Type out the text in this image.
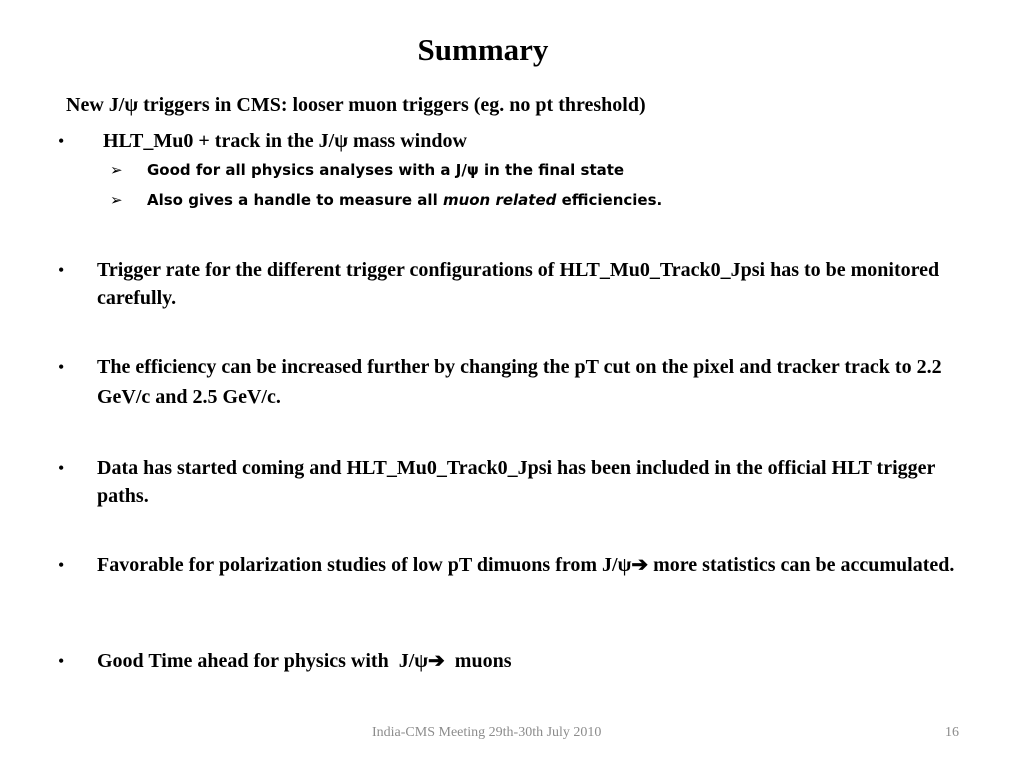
Summary
New J/ψ triggers in CMS: looser muon triggers (eg. no pt threshold)
• HLT_Mu0 + track in the J/ψ mass window
➢ Good for all physics analyses with a J/ψ in the final state
➢ Also gives a handle to measure all muon related efficiencies.
• Trigger rate for the different trigger configurations of HLT_Mu0_Track0_Jpsi has to be monitored carefully.
• The efficiency can be increased further by changing the pT cut on the pixel and tracker track to 2.2 GeV/c and 2.5 GeV/c.
• Data has started coming and HLT_Mu0_Track0_Jpsi has been included in the official HLT trigger paths.
• Favorable for polarization studies of low pT dimuons from J/ψ➔ more statistics can be accumulated.
• Good Time ahead for physics with  J/ψ➔  muons
India-CMS Meeting 29th-30th July 2010	16
